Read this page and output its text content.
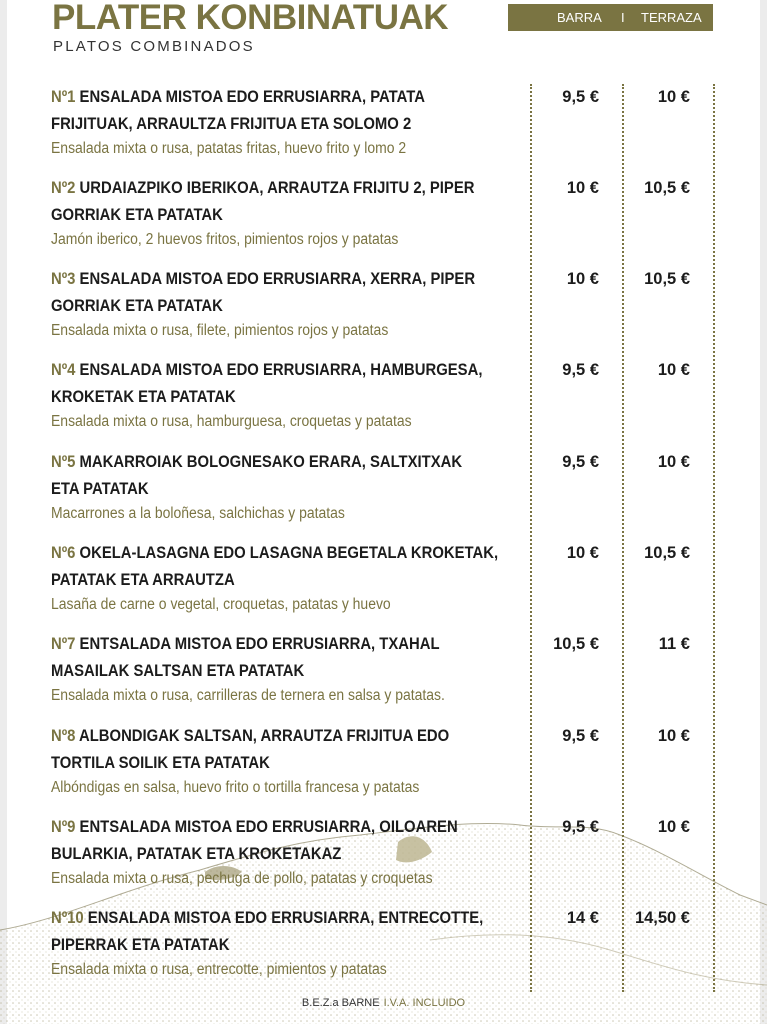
PLATER KONBINATUAK
PLATOS COMBINADOS
BARRA I TERRAZA
Nº1 ENSALADA MISTOA EDO ERRUSIARRA, PATATA
FRIJITUAK, ARRAULTZA FRIJITUA ETA SOLOMO 2
Ensalada mixta o rusa, patatas fritas, huevo frito y lomo 2
9,5 €	10 €
Nº2 URDAIAZPIKO IBERIKOA, ARRAUTZA FRIJITU 2, PIPER
GORRIAK ETA PATATAK
Jamón iberico, 2 huevos fritos, pimientos rojos y patatas
10 €	10,5 €
Nº3 ENSALADA MISTOA EDO ERRUSIARRA, XERRA, PIPER
GORRIAK ETA PATATAK
Ensalada mixta o rusa, filete, pimientos rojos y patatas
10 €	10,5 €
Nº4 ENSALADA MISTOA EDO ERRUSIARRA, HAMBURGESA,
KROKETAK ETA PATATAK
Ensalada mixta o rusa, hamburguesa, croquetas y patatas
9,5 €	10 €
Nº5 MAKARROIAK BOLOGNESAKO ERARA, SALTXITXAK
ETA PATATAK
Macarrones a la boloñesa, salchichas y patatas
9,5 €	10 €
Nº6 OKELA-LASAGNA EDO LASAGNA BEGETALA KROKETAK,
PATATAK ETA ARRAUTZA
Lasaña de carne o vegetal, croquetas, patatas y huevo
10 €	10,5 €
Nº7 ENTSALADA MISTOA EDO ERRUSIARRA, TXAHAL
MASAILAK SALTSAN ETA PATATAK
Ensalada mixta o rusa, carrilleras de ternera en salsa y patatas.
10,5 €	11 €
Nº8 ALBONDIGAK SALTSAN, ARRAUTZA FRIJITUA EDO
TORTILA SOILIK ETA PATATAK
Albóndigas en salsa, huevo frito o tortilla francesa y patatas
9,5 €	10 €
Nº9 ENTSALADA MISTOA EDO ERRUSIARRA, OILOAREN
BULARKIA, PATATAK ETA KROKETAKAZ
Ensalada mixta o rusa, pechuga de pollo, patatas y croquetas
9,5 €	10 €
Nº10 ENSALADA MISTOA EDO ERRUSIARRA, ENTRECOTTE,
PIPERRAK ETA PATATAK
Ensalada mixta o rusa, entrecotte, pimientos y patatas
14 €	14,50 €
B.E.Z.a BARNE I.V.A. INCLUIDO
